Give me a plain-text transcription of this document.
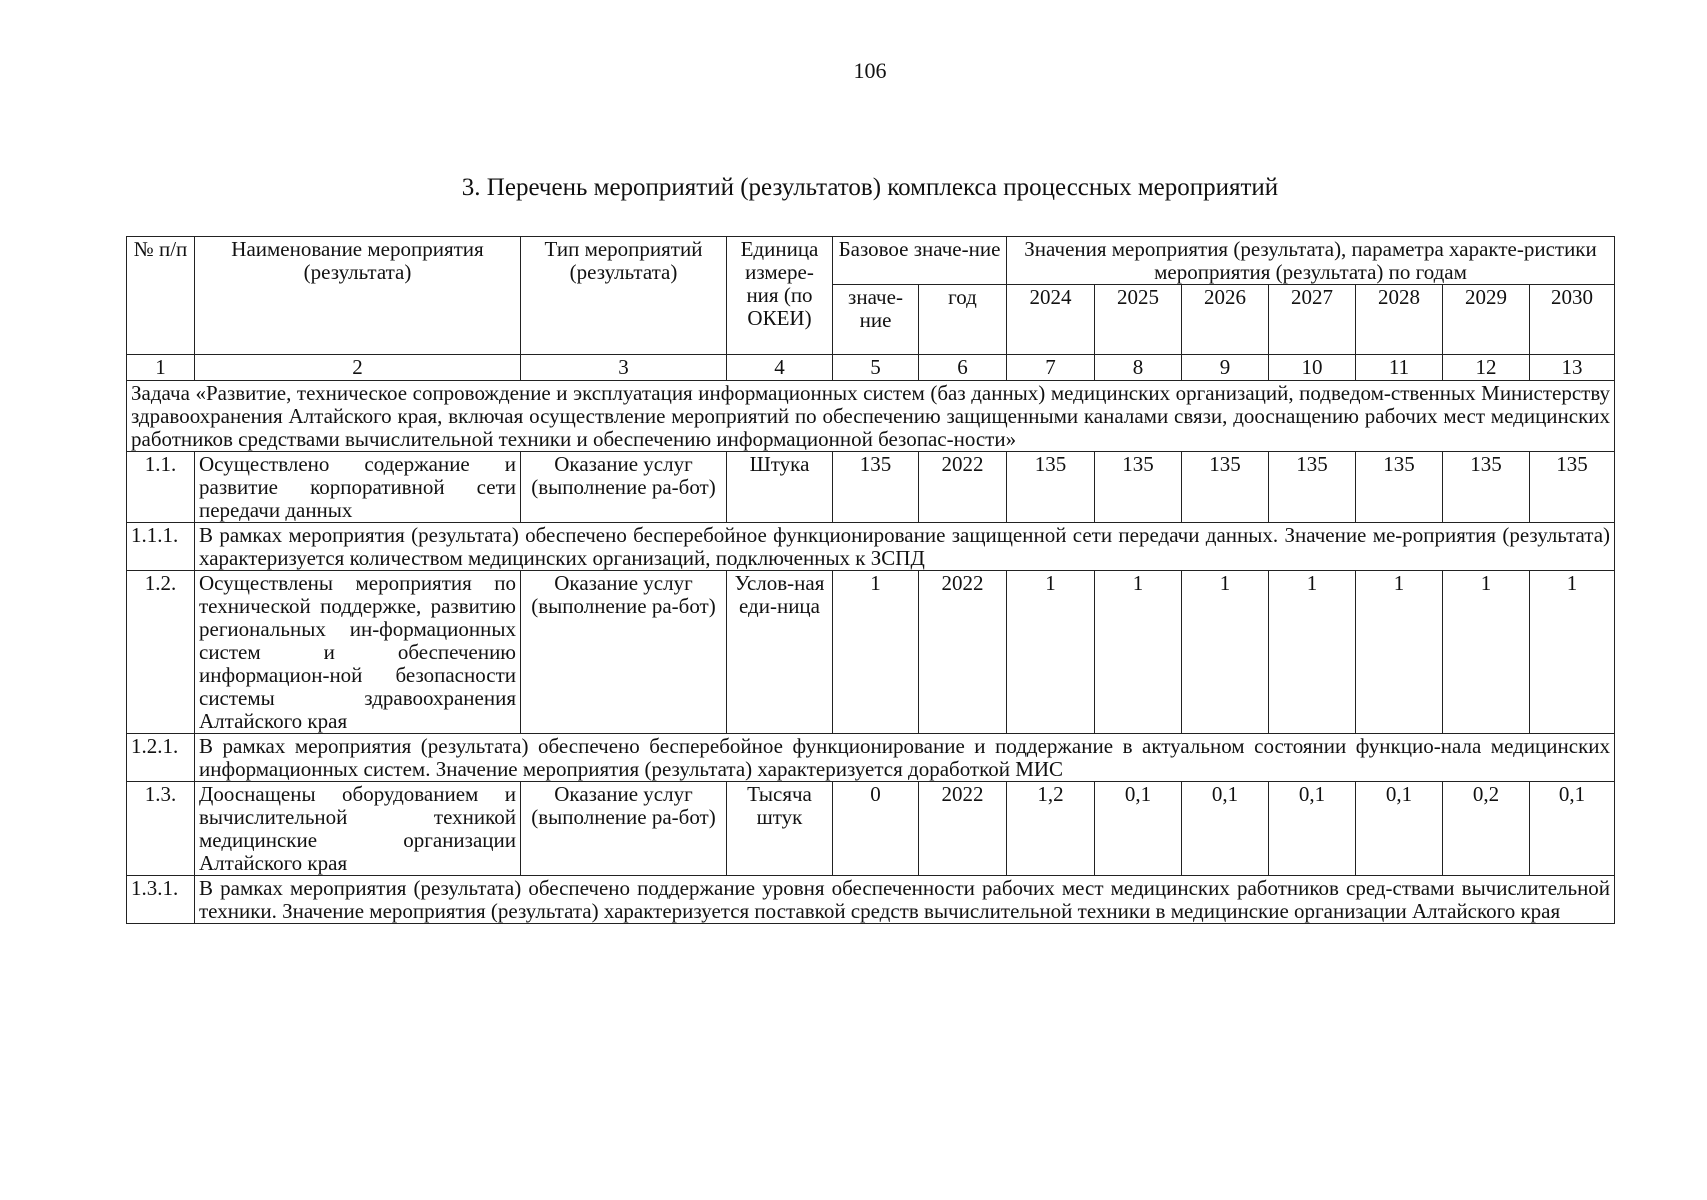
106
3. Перечень мероприятий (результатов) комплекса процессных мероприятий
№ п/п	Наименование мероприятия (результата)	Тип мероприятий (результата)	Единица измере-ния (по ОКЕИ)	Базовое значе-ние		Значения мероприятия (результата), параметра характе-ристики мероприятия (результата) по годам						
				значе-ние	год	2024	2025	2026	2027	2028	2029	2030
1	2	3	4	5	6	7	8	9	10	11	12	13
Задача «Развитие, техническое сопровождение и эксплуатация информационных систем (баз данных) медицинских организаций, подведом-ственных Министерству здравоохранения Алтайского края, включая осуществление мероприятий по обеспечению защищенными каналами связи, дооснащению рабочих мест медицинских работников средствами вычислительной техники и обеспечению информационной безопас-ности»												
1.1.	Осуществлено содержание и развитие корпоративной сети передачи данных	Оказание услуг (выполнение ра-бот)	Штука	135	2022	135	135	135	135	135	135	135
1.1.1.	В рамках мероприятия (результата) обеспечено бесперебойное функционирование защищенной сети передачи данных. Значение ме-роприятия (результата) характеризуется количеством медицинских организаций, подключенных к ЗСПД											
1.2.	Осуществлены мероприятия по технической поддержке, развитию региональных ин-формационных систем и обеспечению информацион-ной безопасности системы здравоохранения Алтайского края	Оказание услуг (выполнение ра-бот)	Услов-ная еди-ница	1	2022	1	1	1	1	1	1	1
1.2.1.	В рамках мероприятия (результата) обеспечено бесперебойное функционирование и поддержание в актуальном состоянии функцио-нала медицинских информационных систем. Значение мероприятия (результата) характеризуется доработкой МИС											
1.3.	Дооснащены оборудованием и вычислительной техникой медицинские организации Алтайского края	Оказание услуг (выполнение ра-бот)	Тысяча штук	0	2022	1,2	0,1	0,1	0,1	0,1	0,2	0,1
1.3.1.	В рамках мероприятия (результата) обеспечено поддержание уровня обеспеченности рабочих мест медицинских работников сред-ствами вычислительной техники. Значение мероприятия (результата) характеризуется поставкой средств вычислительной техники в медицинские организации Алтайского края											
